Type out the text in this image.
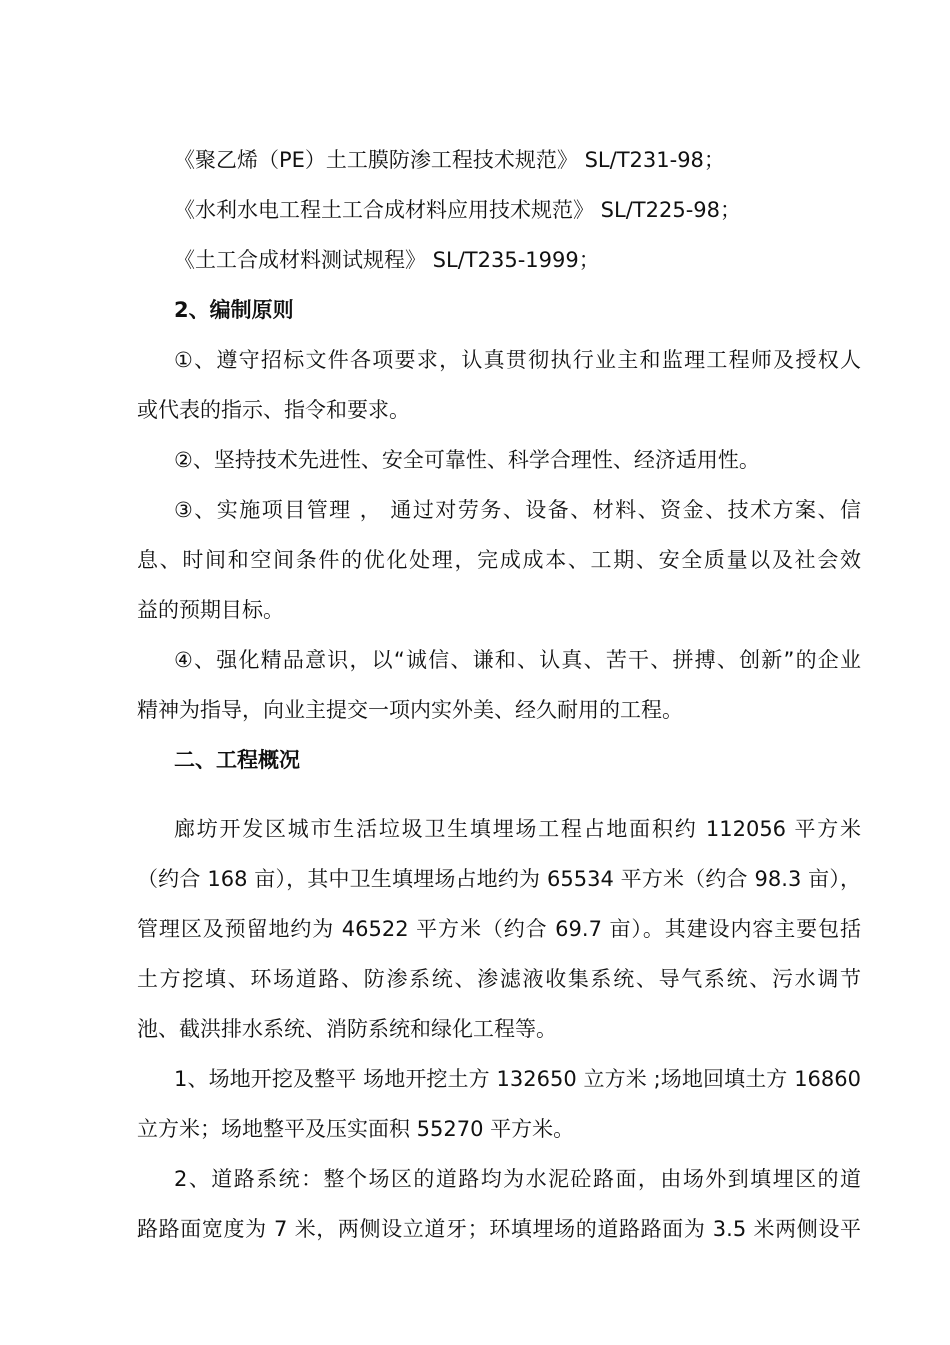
《聚乙烯（PE）土工膜防渗工程技术规范》 SL/T231-98；
《水利水电工程土工合成材料应用技术规范》 SL/T225-98；
《土工合成材料测试规程》 SL/T235-1999；
2、编制原则
①、遵守招标文件各项要求，认真贯彻执行业主和监理工程师及授权人
或代表的指示、指令和要求。
②、坚持技术先进性、安全可靠性、科学合理性、经济适用性。
③、实施项目管理 ， 通过对劳务、设备、材料、资金、技术方案、信
息、时间和空间条件的优化处理，完成成本、工期、安全质量以及社会效
益的预期目标。
④、强化精品意识，以“诚信、谦和、认真、苦干、拼搏、创新”的企业
精神为指导，向业主提交一项内实外美、经久耐用的工程。
二、工程概况
廊坊开发区城市生活垃圾卫生填埋场工程占地面积约 112056 平方米
（约合 168 亩），其中卫生填埋场占地约为 65534 平方米（约合 98.3 亩），
管理区及预留地约为 46522 平方米（约合 69.7 亩）。其建设内容主要包括
土方挖填、环场道路、防渗系统、渗滤液收集系统、导气系统、污水调节
池、截洪排水系统、消防系统和绿化工程等。
1、场地开挖及整平 场地开挖土方 132650 立方米 ;场地回填土方 16860
立方米；场地整平及压实面积 55270 平方米。
2、道路系统：整个场区的道路均为水泥砼路面，由场外到填埋区的道
路路面宽度为 7 米，两侧设立道牙；环填埋场的道路路面为 3.5 米两侧设平
